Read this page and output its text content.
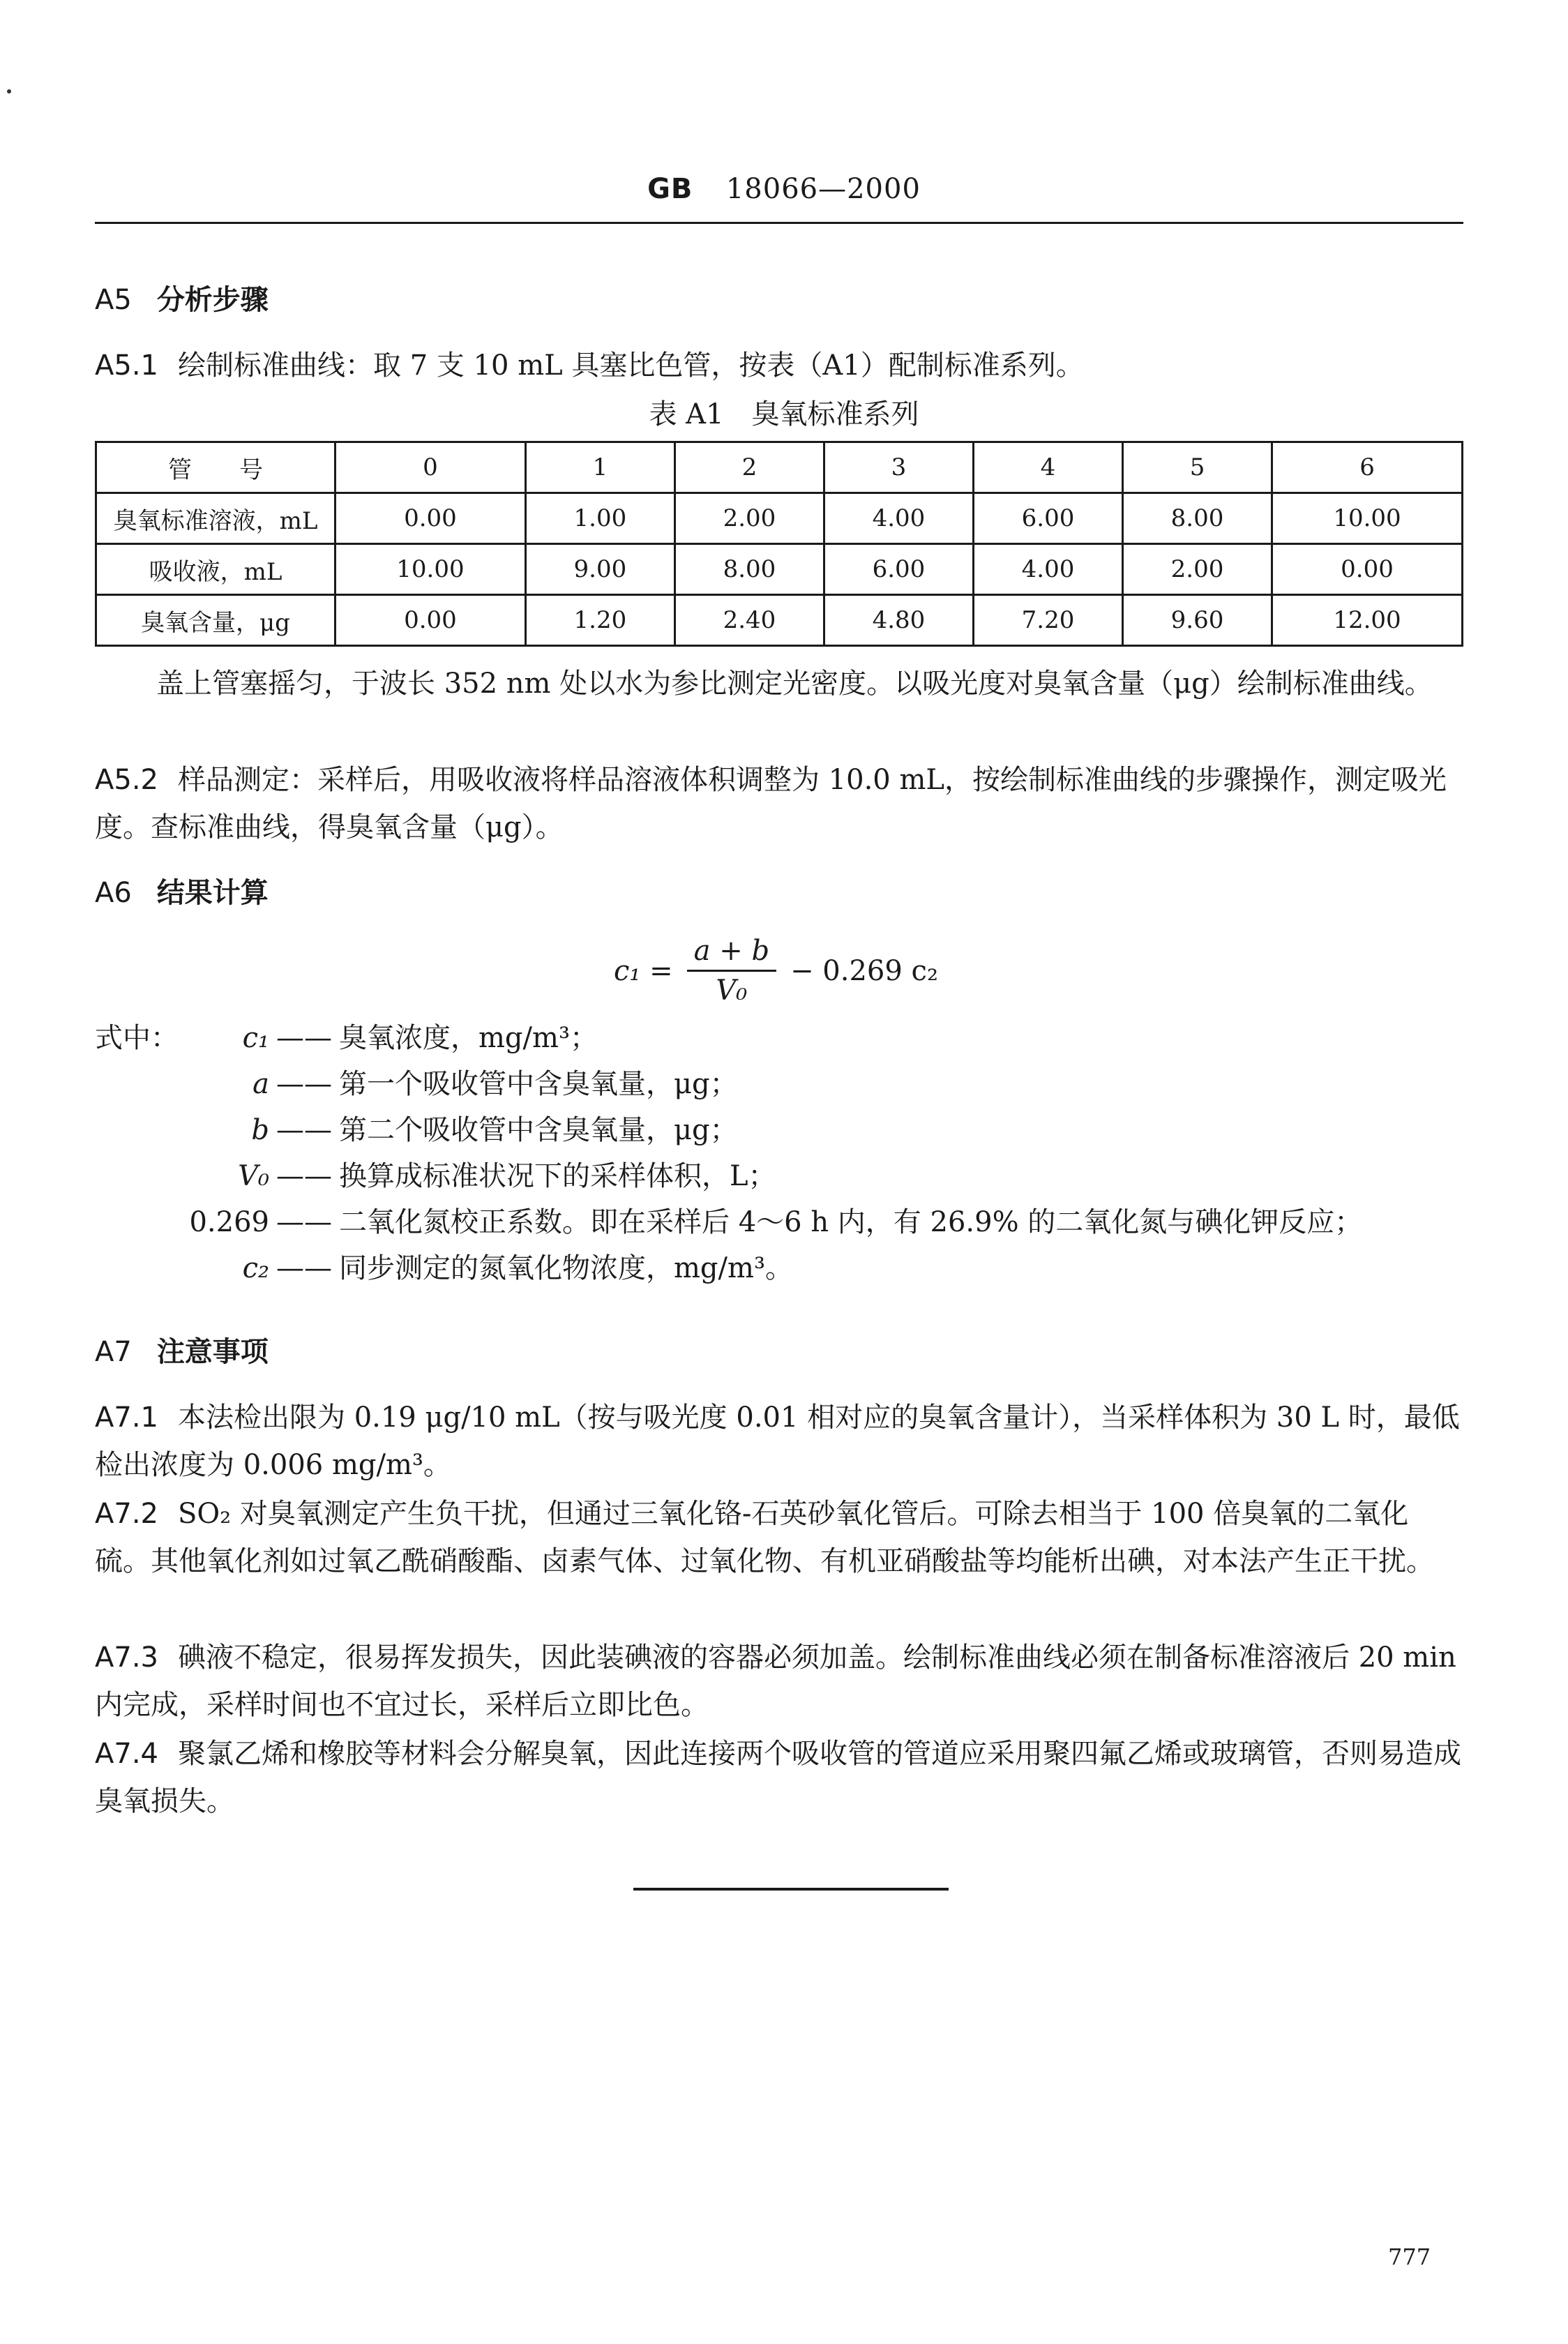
GB 18066—2000
A5 分析步骤
A5.1 绘制标准曲线：取 7 支 10 mL 具塞比色管，按表（A1）配制标准系列。
表 A1 臭氧标准系列
管　　号	0	1	2	3	4	5	6
臭氧标准溶液，mL	0.00	1.00	2.00	4.00	6.00	8.00	10.00
吸收液，mL	10.00	9.00	8.00	6.00	4.00	2.00	0.00
臭氧含量，μg	0.00	1.20	2.40	4.80	7.20	9.60	12.00
盖上管塞摇匀，于波长 352 nm 处以水为参比测定光密度。以吸光度对臭氧含量（μg）绘制标准曲线。
A5.2 样品测定：采样后，用吸收液将样品溶液体积调整为 10.0 mL，按绘制标准曲线的步骤操作，测定吸光度。查标准曲线，得臭氧含量（μg）。
A6 结果计算
$c_1 = \frac{a + b}{\text{V₀}} - 0.269$ c₂
式中：	c₁ —— 臭氧浓度，mg/m³；
a —— 第一个吸收管中含臭氧量，μg；
b —— 第二个吸收管中含臭氧量，μg；
V₀ —— 换算成标准状况下的采样体积，L；
0.269 —— 二氧化氮校正系数。即在采样后 4～6 h 内，有 26.9% 的二氧化氮与碘化钾反应；
c₂ —— 同步测定的氮氧化物浓度，mg/m³。
A7 注意事项
A7.1 本法检出限为 0.19 μg/10 mL（按与吸光度 0.01 相对应的臭氧含量计），当采样体积为 30 L 时，最低检出浓度为 0.006 mg/m³。
A7.2 SO₂ 对臭氧测定产生负干扰，但通过三氧化铬-石英砂氧化管后。可除去相当于 100 倍臭氧的二氧化硫。其他氧化剂如过氧乙酰硝酸酯、卤素气体、过氧化物、有机亚硝酸盐等均能析出碘，对本法产生正干扰。
A7.3 碘液不稳定，很易挥发损失，因此装碘液的容器必须加盖。绘制标准曲线必须在制备标准溶液后 20 min 内完成，采样时间也不宜过长，采样后立即比色。
A7.4 聚氯乙烯和橡胶等材料会分解臭氧，因此连接两个吸收管的管道应采用聚四氟乙烯或玻璃管，否则易造成臭氧损失。
777
